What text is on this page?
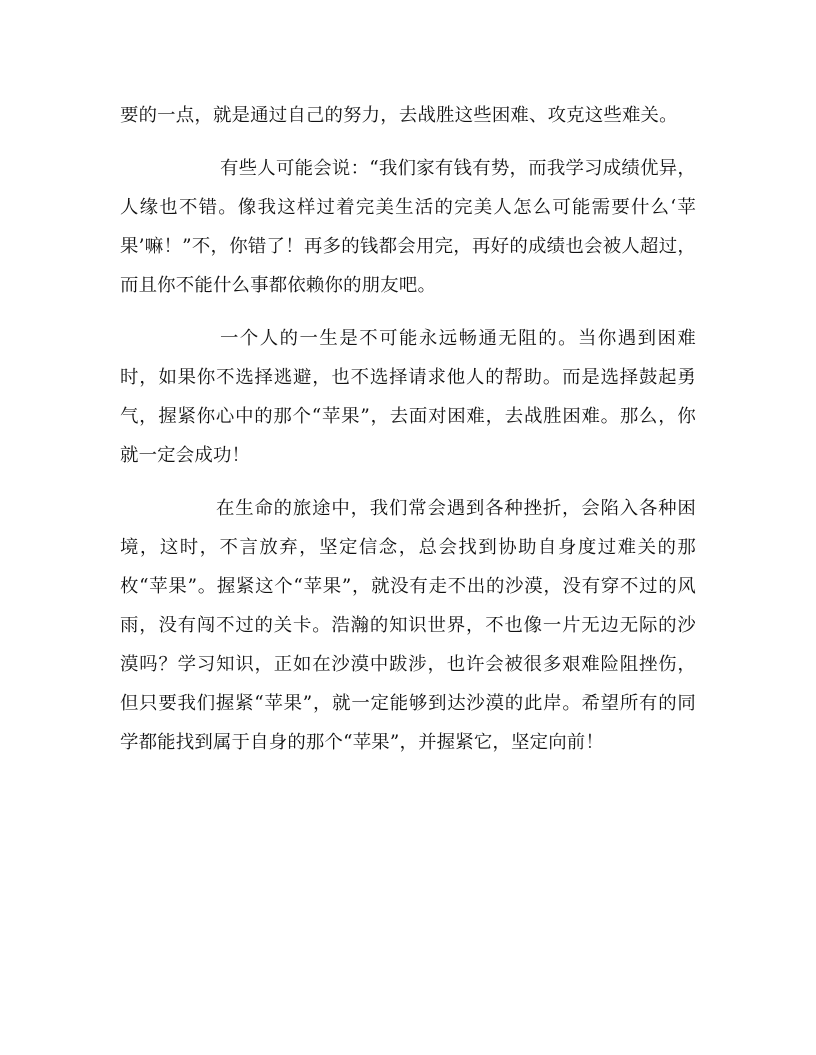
要的一点，就是通过自己的努力，去战胜这些困难、攻克这些难关。

有些人可能会说：“我们家有钱有势，而我学习成绩优异，人缘也不错。像我这样过着完美生活的完美人怎么可能需要什么‘苹果’嘛！”不，你错了！再多的钱都会用完，再好的成绩也会被人超过，而且你不能什么事都依赖你的朋友吧。

一个人的一生是不可能永远畅通无阻的。当你遇到困难时，如果你不选择逃避，也不选择请求他人的帮助。而是选择鼓起勇气，握紧你心中的那个“苹果”，去面对困难，去战胜困难。那么，你就一定会成功！

在生命的旅途中，我们常会遇到各种挫折，会陷入各种困境，这时，不言放弃，坚定信念，总会找到协助自身度过难关的那枚“苹果”。握紧这个“苹果”，就没有走不出的沙漠，没有穿不过的风雨，没有闯不过的关卡。浩瀚的知识世界，不也像一片无边无际的沙漠吗？学习知识，正如在沙漠中跋涉，也许会被很多艰难险阻挫伤，但只要我们握紧“苹果”，就一定能够到达沙漠的此岸。希望所有的同学都能找到属于自身的那个“苹果”，并握紧它，坚定向前！
